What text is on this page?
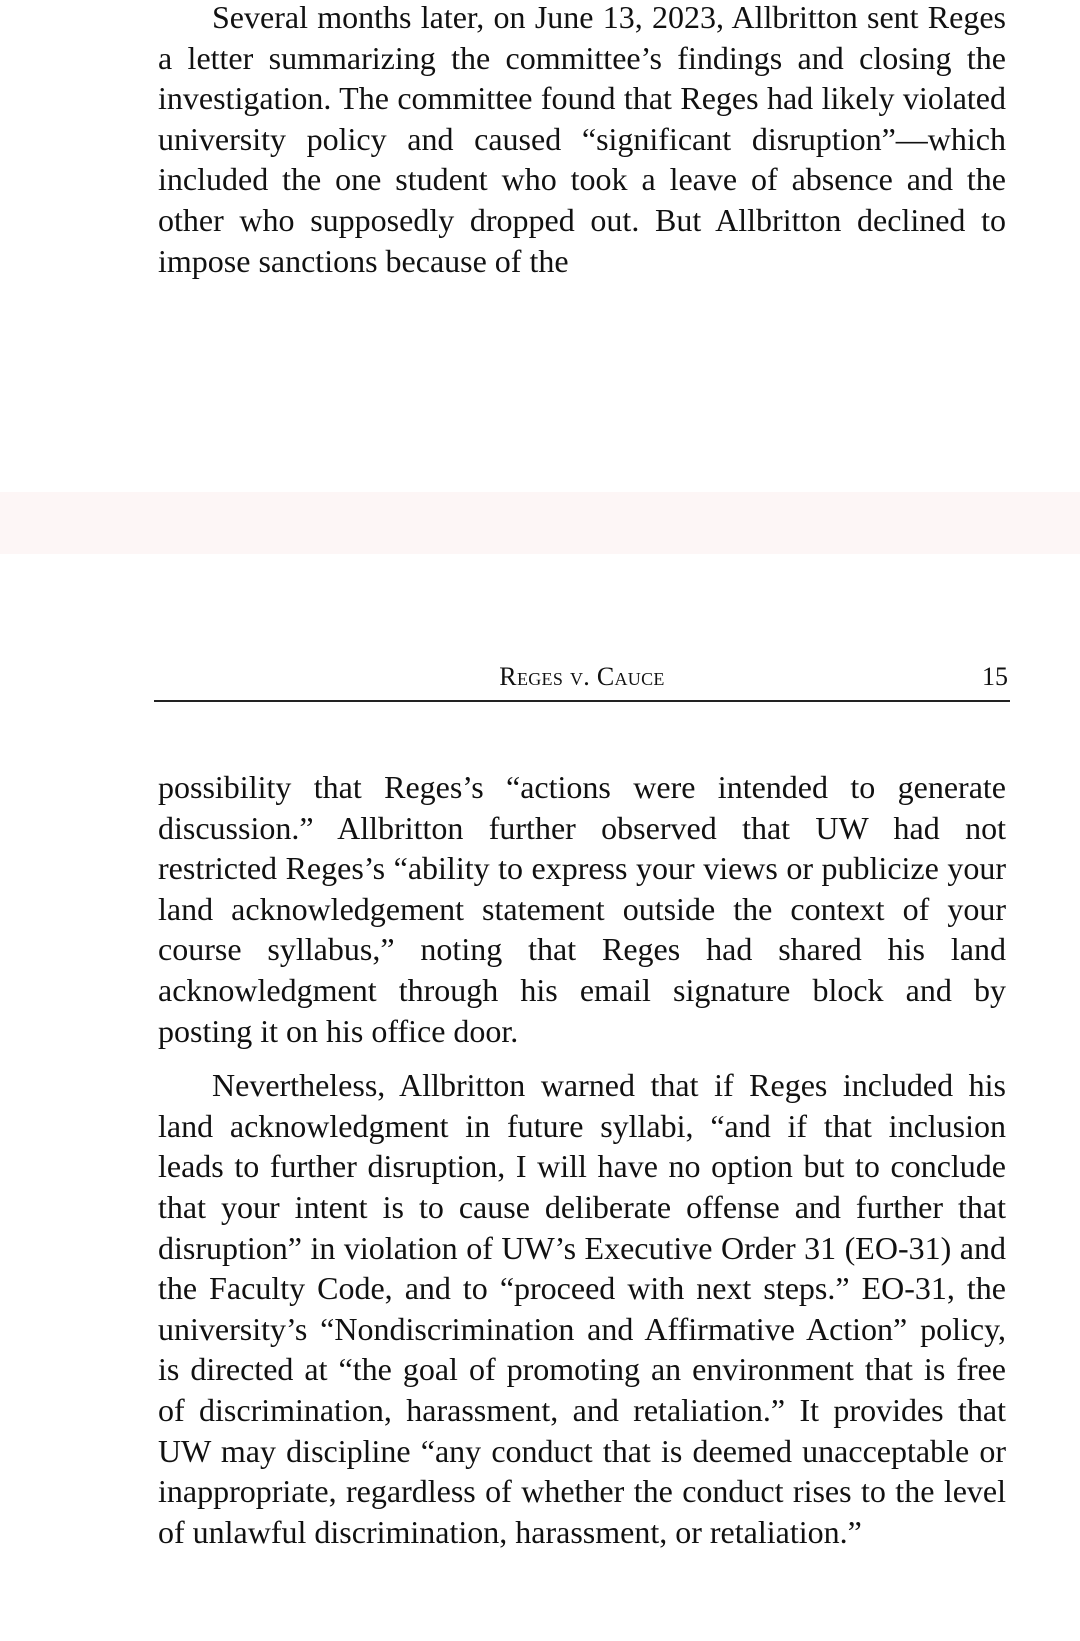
Several months later, on June 13, 2023, Allbritton sent Reges a letter summarizing the committee’s findings and closing the investigation. The committee found that Reges had likely violated university policy and caused “significant disruption”—which included the one student who took a leave of absence and the other who supposedly dropped out. But Allbritton declined to impose sanctions because of the

Reges v. Cauce	15

possibility that Reges’s “actions were intended to generate discussion.” Allbritton further observed that UW had not restricted Reges’s “ability to express your views or publicize your land acknowledgement statement outside the context of your course syllabus,” noting that Reges had shared his land acknowledgment through his email signature block and by posting it on his office door.

Nevertheless, Allbritton warned that if Reges included his land acknowledgment in future syllabi, “and if that inclusion leads to further disruption, I will have no option but to conclude that your intent is to cause deliberate offense and further that disruption” in violation of UW’s Executive Order 31 (EO-31) and the Faculty Code, and to “proceed with next steps.” EO-31, the university’s “Nondiscrimination and Affirmative Action” policy, is directed at “the goal of promoting an environment that is free of discrimination, harassment, and retaliation.” It provides that UW may discipline “any conduct that is deemed unacceptable or inappropriate, regardless of whether the conduct rises to the level of unlawful discrimination, harassment, or retaliation.”
